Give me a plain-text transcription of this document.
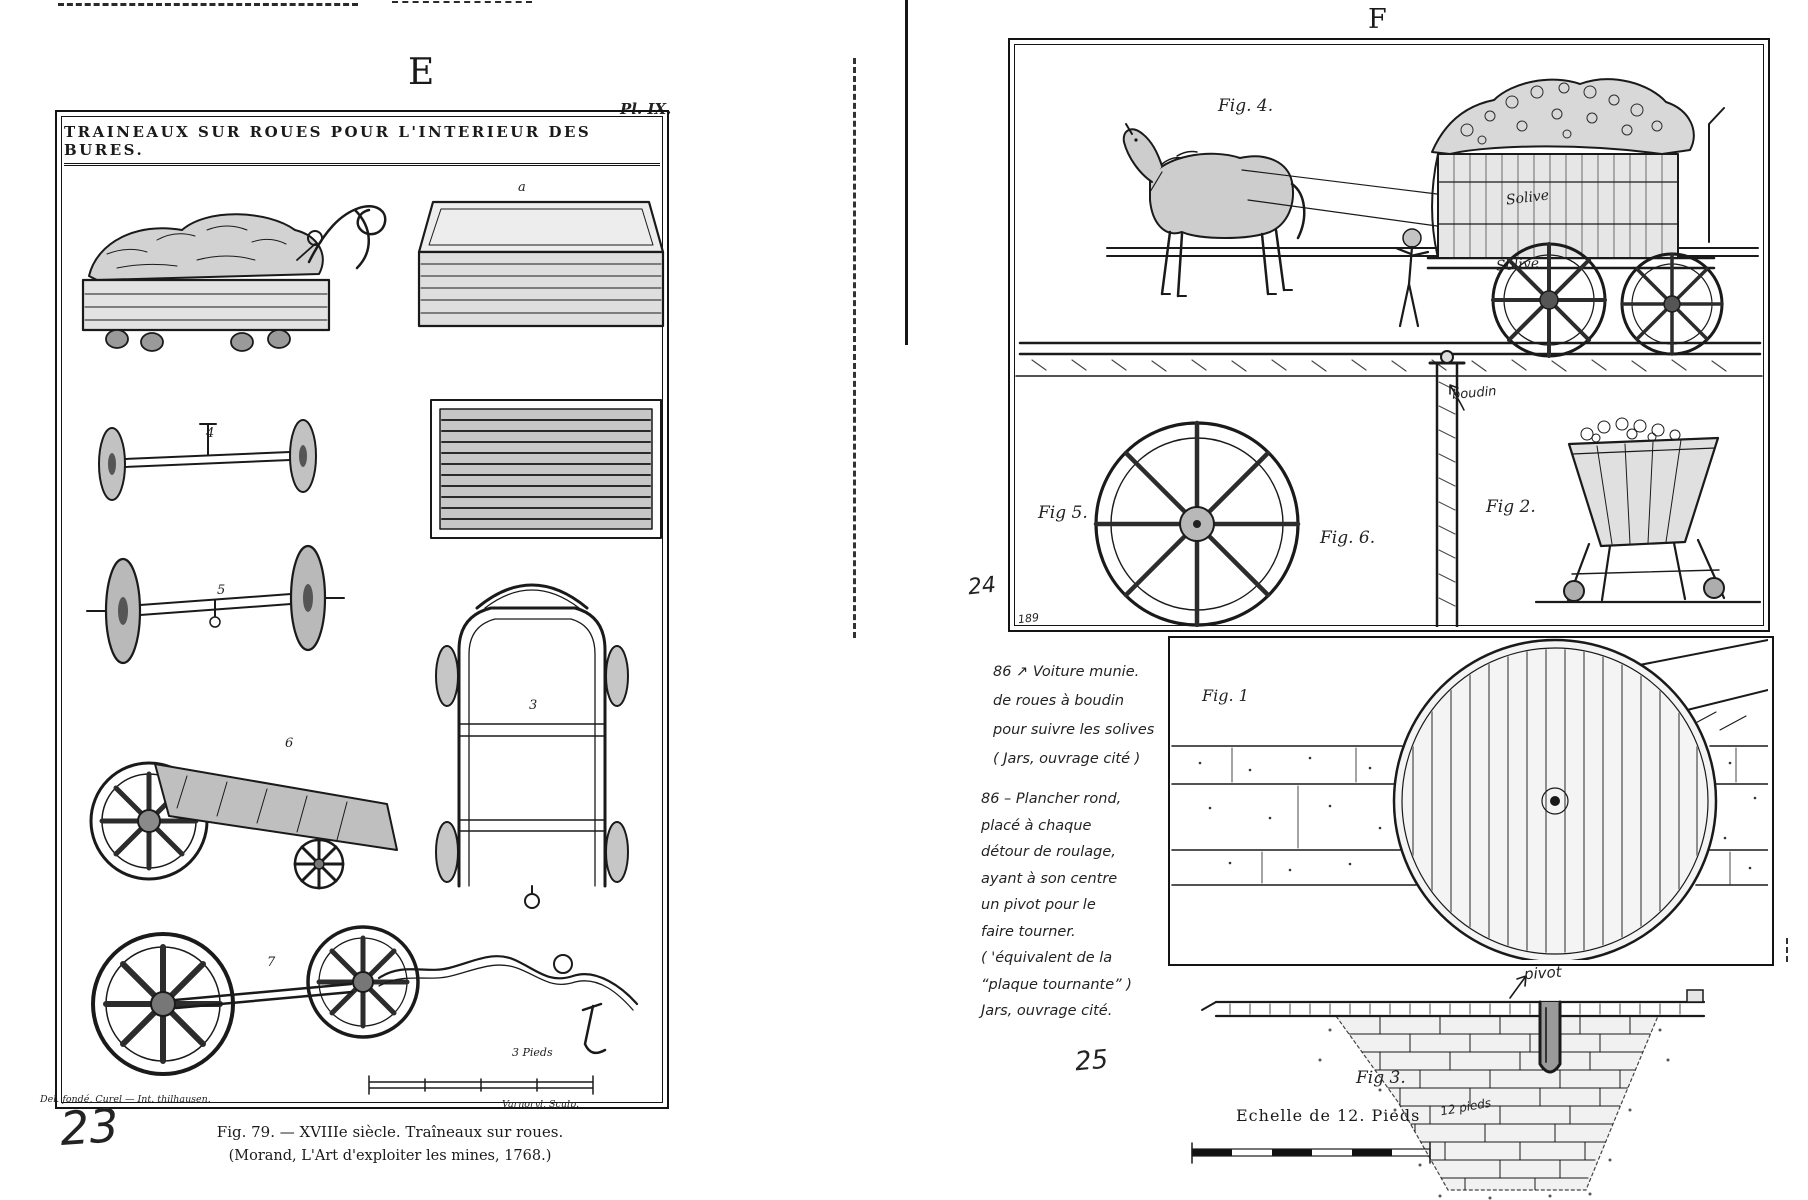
E
Pl. IX.
TRAINEAUX SUR ROUES POUR L'INTERIEUR DES BURES.
a
4
5
3
6
7
3 Pieds
Del. fondé, Curel — Int. thilhausen.	Varnoryl, Sculp.
Fig. 79. — XVIIIe siècle. Traîneaux sur roues.
(Morand, L'Art d'exploiter les mines, 1768.)
23
F
Fig. 4.
Solive
Solive
Fig 5.
Fig. 6.
Fig 2.
boudin
24
189
86 ↗ Voiture munie.
de roues à boudin
pour suivre les solives
( Jars, ouvrage cité )
86 – Plancher rond,
placé à chaque
détour de roulage,
ayant à son centre
un pivot pour le
faire tourner.
( 'équivalent de la
“plaque tournante” )
Jars, ouvrage cité.
Fig. 1
25
pivot
Fig 3.
Echelle de 12. Pieds 12 pieds
